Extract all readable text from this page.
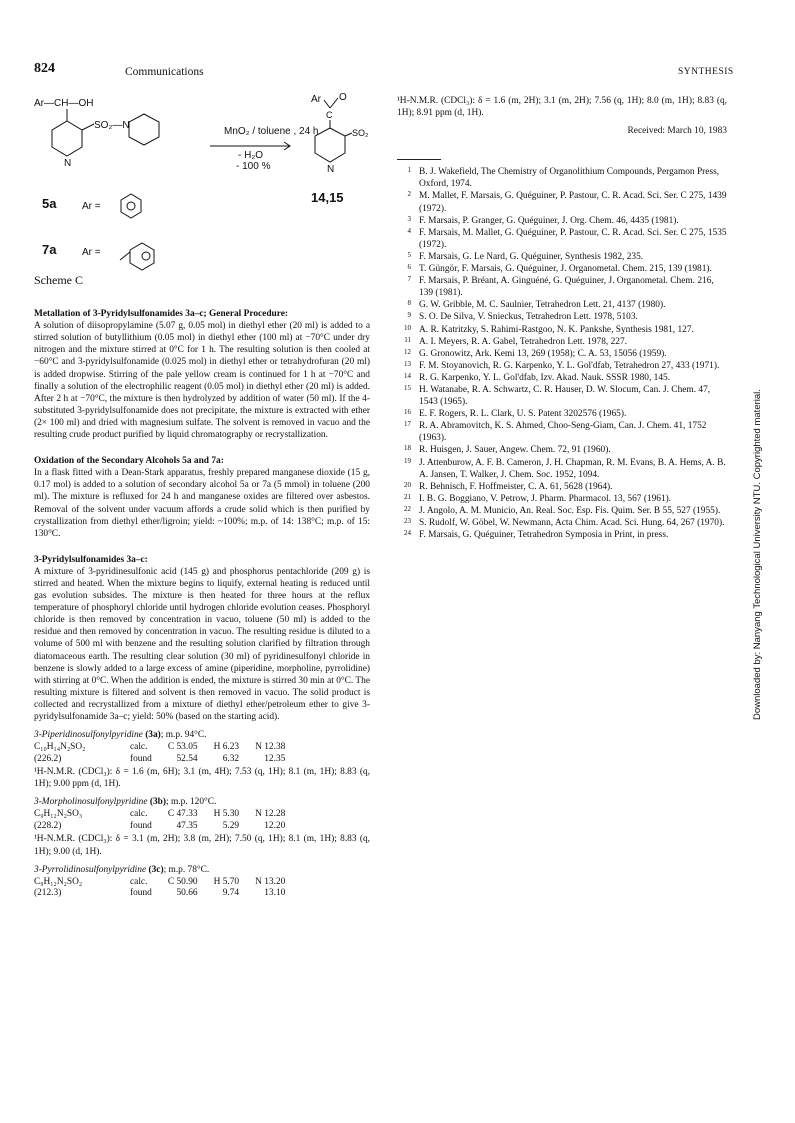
824	Communications	SYNTHESIS
Ar—CH—OH
SO₂—N
N
Ar O
C
SO₂
N
MnO₂ / toluene , 24 h
- H₂O
- 100 %
14,15
5a	Ar =
7a	Ar =
Scheme C

Metallation of 3-Pyridylsulfonamides 3a–c; General Procedure:

A solution of diisopropylamine (5.07 g, 0.05 mol) in diethyl ether (20 ml) is added to a stirred solution of butyllithium (0.05 mol) in diethyl ether (100 ml) at −70°C under dry nitrogen and the mixture stirred at 0°C for 1 h. The resulting solution is then cooled at −60°C and 3-pyridylsulfonamide (0.025 mol) in diethyl ether or tetrahydrofuran (20 ml) is added dropwise. Stirring of the pale yellow cream is continued for 1 h at −70°C and finally a solution of the electrophilic reagent (0.05 mol) in diethyl ether (20 ml) is added. After 2 h at −70°C, the mixture is then hydrolyzed by addition of water (50 ml). If the 4-substituted 3-pyridylsulfonamide does not precipitate, the mixture is extracted with ether (2× 100 ml) and dried with magnesium sulfate. The solvent is removed in vacuo and the resulting crude product purified by liquid chromatography or recrystallization.

Oxidation of the Secondary Alcohols 5a and 7a:

In a flask fitted with a Dean-Stark apparatus, freshly prepared manganese dioxide (15 g, 0.17 mol) is added to a solution of secondary alcohol 5a or 7a (5 mmol) in toluene (200 ml). The mixture is refluxed for 24 h and manganese oxides are filtered over asbestos. Removal of the solvent under vacuum affords a crude solid which is then purified by crystallization from diethyl ether/ligroin; yield: ~100%; m.p. of 14: 138°C; m.p. of 15: 130°C.

3-Pyridylsulfonamides 3a–c:

A mixture of 3-pyridinesulfonic acid (145 g) and phosphorus pentachloride (209 g) is stirred and heated. When the mixture begins to liquify, external heating is reduced until gas evolution subsides. The mixture is then heated for three hours at the reflux temperature of phosphoryl chloride until hydrogen chloride evolution ceases. Phosphoryl chloride is then removed by concentration in vacuo, toluene (50 ml) is added to the residue and then removed by concentration in vacuo. The resulting residue is diluted to a volume of 500 ml with benzene and the resulting solution clarified by filtration through diatomaceous earth. The resulting clear solution (30 ml) of pyridinesulfonyl chloride in benzene is slowly added to a large excess of amine (piperidine, morpholine, pyrrolidine) with stirring at 0°C. When the addition is ended, the mixture is stirred 30 min at 0°C. The resulting mixture is filtered and solvent is then removed in vacuo. The solid product is collected and recrystallized from a mixture of diethyl ether/petroleum ether to give 3-pyridylsulfonamide 3a–c; yield: 50% (based on the starting acid).

3-Piperidinosulfonylpyridine (3a); m.p. 94°C.
C₁₀H₁₄N₂SO₂	calc.	C 53.05	H 6.23	N 12.38
(226.2)	found	52.54	6.32	12.35

¹H-N.M.R. (CDCl₃): δ = 1.6 (m, 6H); 3.1 (m, 4H); 7.53 (q, 1H); 8.1 (m, 1H); 8.83 (q, 1H); 9.00 ppm (d, 1H).

3-Morpholinosulfonylpyridine (3b); m.p. 120°C.
C₉H₁₂N₂SO₃	calc.	C 47.33	H 5.30	N 12.28
(228.2)	found	47.35	5.29	12.20

¹H-N.M.R. (CDCl₃): δ = 3.1 (m, 2H); 3.8 (m, 2H); 7.50 (q, 1H); 8.1 (m, 1H); 8.83 (q, 1H); 9.00 (d, 1H).

3-Pyrrolidinosulfonylpyridine (3c); m.p. 78°C.
C₉H₁₂N₂SO₂	calc.	C 50.90	H 5.70	N 13.20
(212.3)	found	50.66	9.74	13.10

¹H-N.M.R. (CDCl₃): δ = 1.6 (m, 2H); 3.1 (m, 2H); 7.56 (q, 1H); 8.0 (m, 1H); 8.83 (q, 1H); 8.91 ppm (d, 1H).

Received: March 10, 1983
1 B. J. Wakefield, The Chemistry of Organolithium Compounds, Pergamon Press, Oxford, 1974.
2 M. Mallet, F. Marsais, G. Quéguiner, P. Pastour, C. R. Acad. Sci. Ser. C 275, 1439 (1972).
3 F. Marsais, P. Granger, G. Quéguiner, J. Org. Chem. 46, 4435 (1981).
4 F. Marsais, M. Mallet, G. Quéguiner, P. Pastour, C. R. Acad. Sci. Ser. C 275, 1535 (1972).
5 F. Marsais, G. Le Nard, G. Quéguiner, Synthesis 1982, 235.
6 T. Güngör, F. Marsais, G. Quéguiner, J. Organometal. Chem. 215, 139 (1981).
7 F. Marsais, P. Bréant, A. Ginguéné, G. Quéguiner, J. Organometal. Chem. 216, 139 (1981).
8 G. W. Gribble, M. C. Saulnier, Tetrahedron Lett. 21, 4137 (1980).
9 S. O. De Silva, V. Snieckus, Tetrahedron Lett. 1978, 5103.
10 A. R. Katritzky, S. Rahimi-Rastgoo, N. K. Pankshe, Synthesis 1981, 127.
11 A. I. Meyers, R. A. Gabel, Tetrahedron Lett. 1978, 227.
12 G. Gronowitz, Ark. Kemi 13, 269 (1958); C. A. 53, 15056 (1959).
13 F. M. Stoyanovich, R. G. Karpenko, Y. L. Gol'dfab, Tetrahedron 27, 433 (1971).
14 R. G. Karpenko, Y. L. Gol'dfab, Izv. Akad. Nauk. SSSR 1980, 145.
15 H. Watanabe, R. A. Schwartz, C. R. Hauser, D. W. Slocum, Can. J. Chem. 47, 1543 (1965).
16 E. F. Rogers, R. L. Clark, U. S. Patent 3202576 (1965).
17 R. A. Abramovitch, K. S. Ahmed, Choo-Seng-Giam, Can. J. Chem. 41, 1752 (1963).
18 R. Huisgen, J. Sauer, Angew. Chem. 72, 91 (1960).
19 J. Attenburow, A. F. B. Cameron, J. H. Chapman, R. M. Evans, B. A. Hems, A. B. A. Jansen, T. Walker, J. Chem. Soc. 1952, 1094.
20 R. Behnisch, F. Hoffmeister, C. A. 61, 5628 (1964).
21 I. B. G. Boggiano, V. Petrow, J. Pharm. Pharmacol. 13, 567 (1961).
22 J. Angolo, A. M. Municio, An. Real. Soc. Esp. Fis. Quim. Ser. B 55, 527 (1955).
23 S. Rudolf, W. Göbel, W. Newmann, Acta Chim. Acad. Sci. Hung. 64, 267 (1970).
24 F. Marsais, G. Quéguiner, Tetrahedron Symposia in Print, in press.	Downloaded by: Nanyang Technological University NTU. Copyrighted material.
